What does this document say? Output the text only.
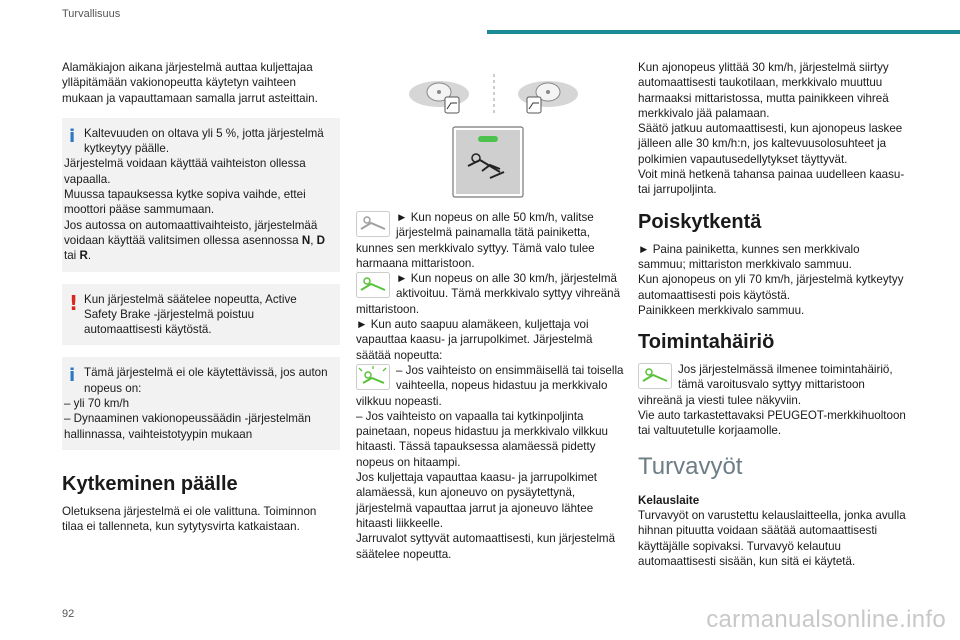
Turvallisuus

Alamäkiajon aikana järjestelmä auttaa kuljettajaa ylläpitämään vakionopeutta käytetyn vaihteen mukaan ja vapauttamaan samalla jarrut asteittain.

i Kaltevuuden on oltava yli 5 %, jotta järjestelmä kytkeytyy päälle.

Järjestelmä voidaan käyttää vaihteiston ollessa vapaalla.

Muussa tapauksessa kytke sopiva vaihde, ettei moottori pääse sammumaan.

Jos autossa on automaattivaihteisto, järjestelmää voidaan käyttää valitsimen ollessa asennossa N, D tai R.

! Kun järjestelmä säätelee nopeutta, Active Safety Brake -järjestelmä poistuu automaattisesti käytöstä.

i Tämä järjestelmä ei ole käytettävissä, jos auton nopeus on:

– yli 70 km/h

– Dynaaminen vakionopeussäädin -järjestelmän hallinnassa, vaihteistotyypin mukaan

Kytkeminen päälle

Oletuksena järjestelmä ei ole valittuna. Toiminnon tilaa ei tallenneta, kun sytytysvirta katkaistaan.

► Kun nopeus on alle 50 km/h, valitse järjestelmä painamalla tätä painiketta, kunnes sen merkkivalo syttyy. Tämä valo tulee harmaana mittaristoon.

► Kun nopeus on alle 30 km/h, järjestelmä aktivoituu. Tämä merkkivalo syttyy vihreänä mittaristoon.

► Kun auto saapuu alamäkeen, kuljettaja voi vapauttaa kaasu- ja jarrupolkimet. Järjestelmä säätää nopeutta:

– Jos vaihteisto on ensimmäisellä tai toisella vaihteella, nopeus hidastuu ja merkkivalo vilkkuu nopeasti.

– Jos vaihteisto on vapaalla tai kytkinpoljinta painetaan, nopeus hidastuu ja merkkivalo vilkkuu hitaasti. Tässä tapauksessa alamäessä pidetty nopeus on hitaampi.

Jos kuljettaja vapauttaa kaasu- ja jarrupolkimet alamäessä, kun ajoneuvo on pysäytettynä, järjestelmä vapauttaa jarrut ja ajoneuvo lähtee hitaasti liikkeelle.

Jarruvalot syttyvät automaattisesti, kun järjestelmä säätelee nopeutta.

Kun ajonopeus ylittää 30 km/h, järjestelmä siirtyy automaattisesti taukotilaan, merkkivalo muuttuu harmaaksi mittaristossa, mutta painikkeen vihreä merkkivalo jää palamaan.

Säätö jatkuu automaattisesti, kun ajonopeus laskee jälleen alle 30 km/h:n, jos kaltevuusolosuhteet ja polkimien vapautusedellytykset täyttyvät.

Voit minä hetkenä tahansa painaa uudelleen kaasu- tai jarrupoljinta.

Poiskytkentä

► Paina painiketta, kunnes sen merkkivalo sammuu; mittariston merkkivalo sammuu.

Kun ajonopeus on yli 70 km/h, järjestelmä kytkeytyy automaattisesti pois käytöstä.

Painikkeen merkkivalo sammuu.

Toimintahäiriö

Jos järjestelmässä ilmenee toimintahäiriö, tämä varoitusvalo syttyy mittaristoon vihreänä ja viesti tulee näkyviin.

Vie auto tarkastettavaksi PEUGEOT-merkkihuoltoon tai valtuutetulle korjaamolle.

Turvavyöt

Kelauslaite

Turvavyöt on varustettu kelauslaitteella, jonka avulla hihnan pituutta voidaan säätää automaattisesti käyttäjälle sopivaksi. Turvavyö kelautuu automaattisesti sisään, kun sitä ei käytetä.

92	carmanualsonline.info
